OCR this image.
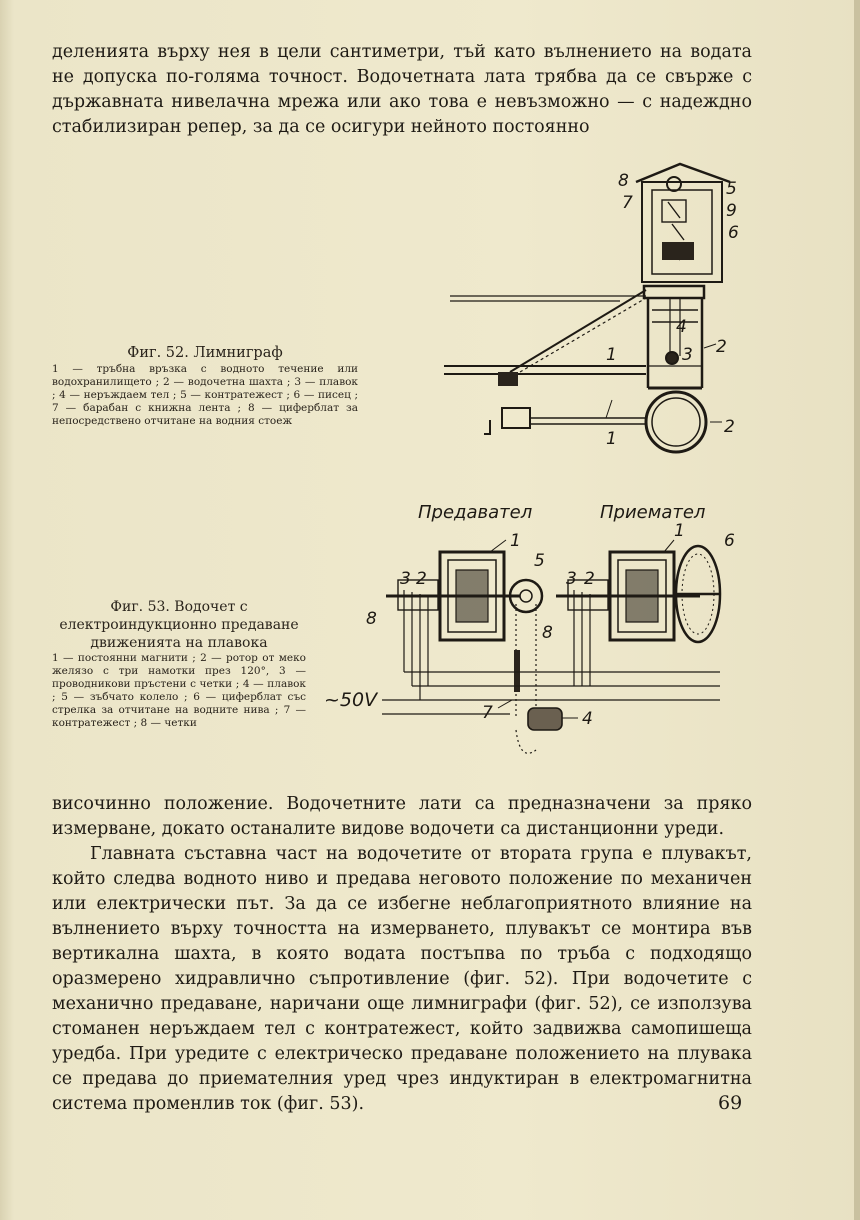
деленията върху нея в цели сантиметри, тъй като вълнението на водата не допуска по-голяма точност. Водочетната лата трябва да се свърже с държавната нивелачна мрежа или ако това е невъзможно — с надеждно стабилизиран репер, за да се осигури нейното постоянно

8	5
7	9
6
4
1	3 2
2
1
Фиг. 52. Лимниграф
1 — тръбна връзка с водното течение или водохранилището ; 2 — водочетна шахта ; 3 — плавок ; 4 — неръждаем тел ; 5 — контратежест ; 6 — писец ; 7 — барабан с книжна лента ; 8 — циферблат за непосредствено отчитане на водния стоеж
Предавател	Приемател
1
5
3 2
8
8
3 2
1 6
7	4
~50V
Фиг. 53. Водочет с електроиндукционно предаване движенията на плавока
1 — постоянни магнити ; 2 — ротор от меко желязо с три намотки през 120°, 3 — проводникови пръстени с четки ; 4 — плавок ; 5 — зъбчато колело ; 6 — циферблат със стрелка за отчитане на водните нива ; 7 — контратежест ; 8 — четки

височинно положение. Водочетните лати са предназначени за пряко измерване, докато останалите видове водочети са дистанционни уреди.

Главната съставна част на водочетите от втората група е плувакът, който следва водното ниво и предава неговото положение по механичен или електрически път. За да се избегне неблагоприятното влияние на вълнението върху точността на измерването, плувакът се монтира във вертикална шахта, в която водата постъпва по тръба с подходящо оразмерено хидравлично съпротивление (фиг. 52). При водочетите с механично предаване, наричани още лимниграфи (фиг. 52), се използува стоманен неръждаем тел с контратежест, който задвижва самопишеща уредба. При уредите с електрическо предаване положението на плувака се предава до приемателния уред чрез индуктиран в електромагнитна система променлив ток (фиг. 53).	69
